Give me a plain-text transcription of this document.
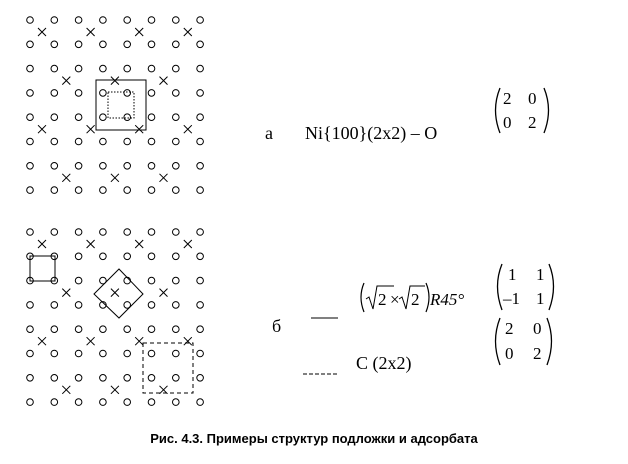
2 0
0 2
2 × 2 R45°
1 1
–1 1
2 0
0 2
а Ni{100}(2x2) – O
б
C (2x2)
Рис. 4.3. Примеры структур подложки и адсорбата
